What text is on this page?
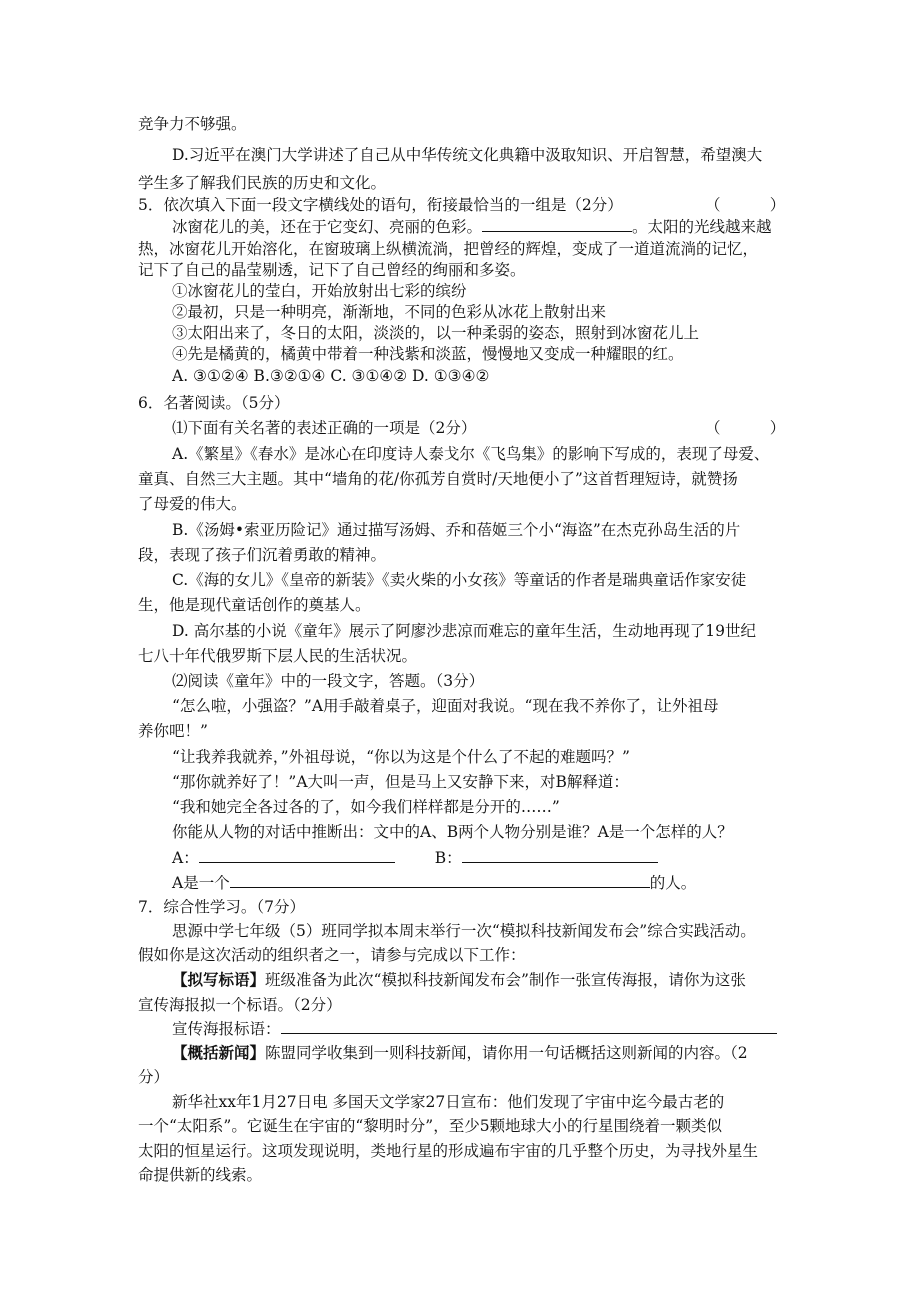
竞争力不够强。
D.习近平在澳门大学讲述了自己从中华传统文化典籍中汲取知识、开启智慧，希望澳大
学生多了解我们民族的历史和文化。
5．依次填入下面一段文字横线处的语句，衔接最恰当的一组是（2分）	（          ）
冰窗花儿的美，还在于它变幻、亮丽的色彩。	。太阳的光线越来越
热，冰窗花儿开始溶化，在窗玻璃上纵横流淌，把曾经的辉煌，变成了一道道流淌的记忆，
记下了自己的晶莹剔透，记下了自己曾经的绚丽和多姿。
①冰窗花儿的莹白，开始放射出七彩的缤纷
②最初，只是一种明亮，渐渐地，不同的色彩从冰花上散射出来
③太阳出来了，冬日的太阳，淡淡的，以一种柔弱的姿态，照射到冰窗花儿上
④先是橘黄的，橘黄中带着一种浅紫和淡蓝，慢慢地又变成一种耀眼的红。
A. ③①②④ B.③②①④ C. ③①④② D. ①③④②
6．名著阅读。（5分）
⑴下面有关名著的表述正确的一项是（2分）	（          ）
A.《繁星》《春水》是冰心在印度诗人泰戈尔《飞鸟集》的影响下写成的，表现了母爱、
童真、自然三大主题。其中“墙角的花/你孤芳自赏时/天地便小了”这首哲理短诗，就赞扬
了母爱的伟大。
B.《汤姆•索亚历险记》通过描写汤姆、乔和蓓姬三个小“海盗”在杰克孙岛生活的片
段，表现了孩子们沉着勇敢的精神。
C.《海的女儿》《皇帝的新装》《卖火柴的小女孩》等童话的作者是瑞典童话作家安徒
生，他是现代童话创作的奠基人。
D. 高尔基的小说《童年》展示了阿廖沙悲凉而难忘的童年生活，生动地再现了19世纪
七八十年代俄罗斯下层人民的生活状况。
⑵阅读《童年》中的一段文字，答题。（3分）
“怎么啦，小强盗？”A用手敲着桌子，迎面对我说。“现在我不养你了，让外祖母
养你吧！”
“让我养我就养，”外祖母说，“你以为这是个什么了不起的难题吗？”
“那你就养好了！”A大叫一声，但是马上又安静下来，对B解释道：
“我和她完全各过各的了，如今我们样样都是分开的……”
你能从人物的对话中推断出：文中的A、B两个人物分别是谁？A是一个怎样的人？
A：	B：
A是一个	的人。
7．综合性学习。（7分）
思源中学七年级（5）班同学拟本周末举行一次“模拟科技新闻发布会”综合实践活动。
假如你是这次活动的组织者之一，请参与完成以下工作：
【拟写标语】班级准备为此次“模拟科技新闻发布会”制作一张宣传海报，请你为这张
宣传海报拟一个标语。（2分）
宣传海报标语：
【概括新闻】陈盟同学收集到一则科技新闻，请你用一句话概括这则新闻的内容。（2
分）
新华社xx年1月27日电 多国天文学家27日宣布：他们发现了宇宙中迄今最古老的
一个“太阳系”。它诞生在宇宙的“黎明时分”，至少5颗地球大小的行星围绕着一颗类似
太阳的恒星运行。这项发现说明，类地行星的形成遍布宇宙的几乎整个历史，为寻找外星生
命提供新的线索。
